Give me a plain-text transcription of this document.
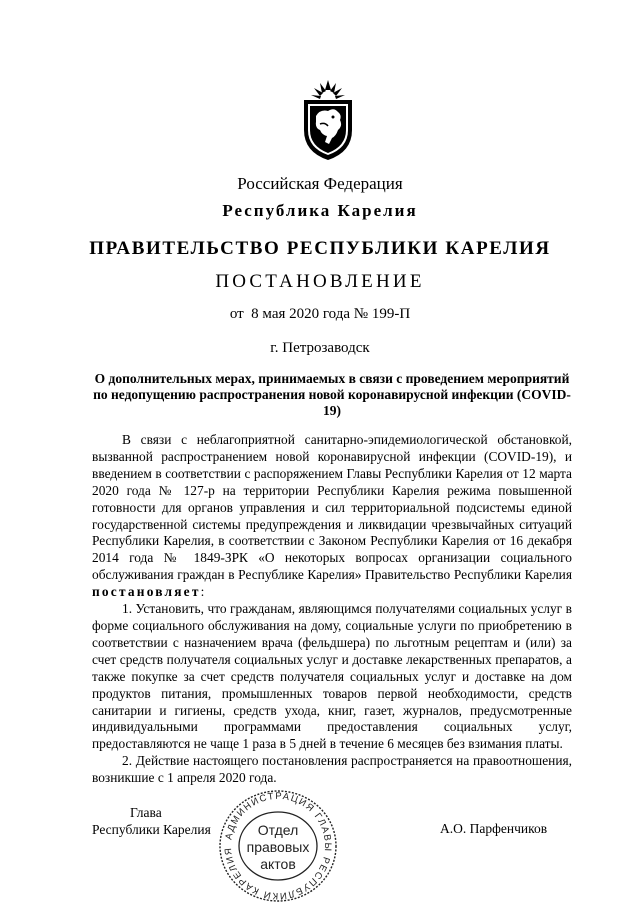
Российская Федерация
Республика Карелия
ПРАВИТЕЛЬСТВО РЕСПУБЛИКИ КАРЕЛИЯ
ПОСТАНОВЛЕНИЕ
от  8 мая 2020 года № 199-П
г. Петрозаводск
О дополнительных мерах, принимаемых в связи с проведением мероприятий по недопущению распространения новой коронавирусной инфекции (COVID-19)

В связи с неблагоприятной санитарно-эпидемиологической обстановкой, вызванной распространением новой коронавирусной инфекции (COVID-19), и введением в соответствии с распоряжением Главы Республики Карелия от 12 марта 2020 года № 127-р на территории Республики Карелия режима повышенной готовности для органов управления и сил территориальной подсистемы единой государственной системы предупреждения и ликвидации чрезвычайных ситуаций Республики Карелия, в соответствии с Законом Республики Карелия от 16 декабря 2014 года № 1849-ЗРК «О некоторых вопросах организации социального обслуживания граждан в Республике Карелия» Правительство Республики Карелия постановляет:

1. Установить, что гражданам, являющимся получателями социальных услуг в форме социального обслуживания на дому, социальные услуги по приобретению в соответствии с назначением врача (фельдшера) по льготным рецептам и (или) за счет средств получателя социальных услуг и доставке лекарственных препаратов, а также покупке за счет средств получателя социальных услуг и доставке на дом продуктов питания, промышленных товаров первой необходимости, средств санитарии и гигиены, средств ухода, книг, газет, журналов, предусмотренные индивидуальными программами предоставления социальных услуг, предоставляются не чаще 1 раза в 5 дней в течение 6 месяцев без взимания платы.

2. Действие настоящего постановления распространяется на правоотношения, возникшие с 1 апреля 2020 года.

Глава
Республики Карелия	АДМИНИСТРАЦИЯ ГЛАВЫ РЕСПУБЛИКИ КАРЕЛИЯ
Отдел
правовых
актов
А.О. Парфенчиков
